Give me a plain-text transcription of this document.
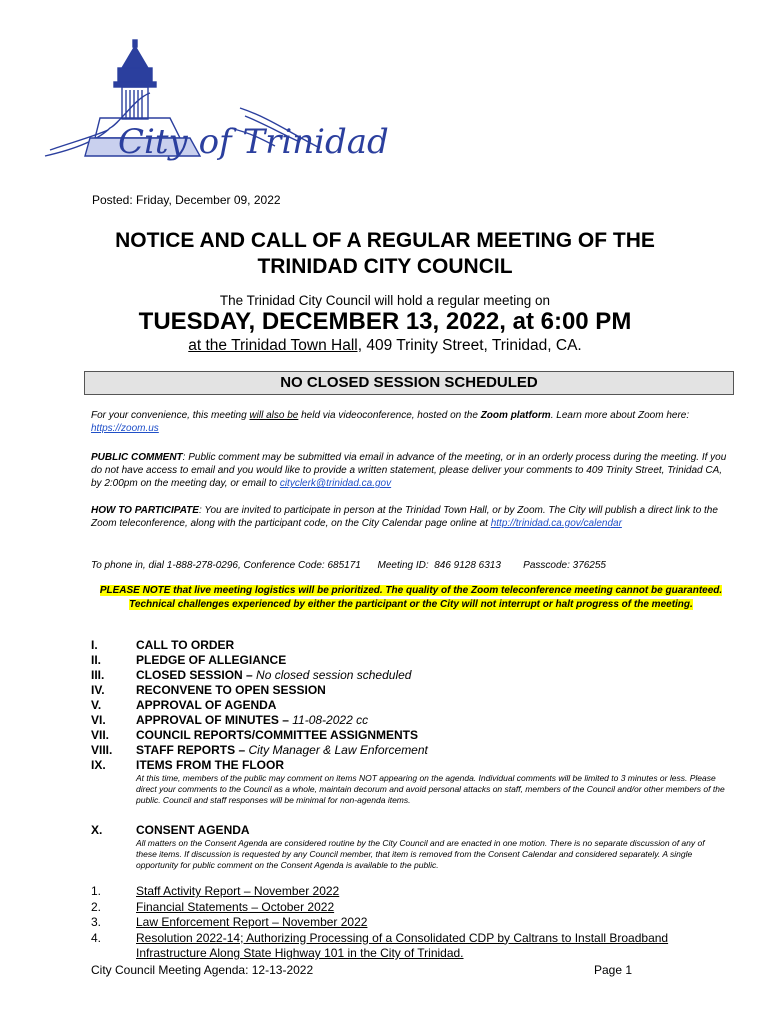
City of Trinidad
Posted: Friday, December 09, 2022
NOTICE AND CALL OF A REGULAR MEETING OF THE
TRINIDAD CITY COUNCIL
The Trinidad City Council will hold a regular meeting on
TUESDAY, DECEMBER 13, 2022, at 6:00 PM
at the Trinidad Town Hall, 409 Trinity Street, Trinidad, CA.
NO CLOSED SESSION SCHEDULED
For your convenience, this meeting will also be held via videoconference, hosted on the Zoom platform. Learn more about Zoom here: https://zoom.us
PUBLIC COMMENT: Public comment may be submitted via email in advance of the meeting, or in an orderly process during the meeting. If you do not have access to email and you would like to provide a written statement, please deliver your comments to 409 Trinity Street, Trinidad CA, by 2:00pm on the meeting day, or email to cityclerk@trinidad.ca.gov
HOW TO PARTICIPATE: You are invited to participate in person at the Trinidad Town Hall, or by Zoom. The City will publish a direct link to the Zoom teleconference, along with the participant code, on the City Calendar page online at http://trinidad.ca.gov/calendar
To phone in, dial 1-888-278-0296, Conference Code: 685171      Meeting ID:  846 9128 6313        Passcode: 376255
PLEASE NOTE that live meeting logistics will be prioritized. The quality of the Zoom teleconference meeting cannot be guaranteed. Technical challenges experienced by either the participant or the City will not interrupt or halt progress of the meeting.
I.	CALL TO ORDER
II.	PLEDGE OF ALLEGIANCE
III.	CLOSED SESSION – No closed session scheduled
IV.	RECONVENE TO OPEN SESSION
V.	APPROVAL OF AGENDA
VI.	APPROVAL OF MINUTES – 11-08-2022 cc
VII.	COUNCIL REPORTS/COMMITTEE ASSIGNMENTS
VIII.	STAFF REPORTS – City Manager & Law Enforcement
IX.	ITEMS FROM THE FLOOR
At this time, members of the public may comment on items NOT appearing on the agenda. Individual comments will be limited to 3 minutes or less. Please direct your comments to the Council as a whole, maintain decorum and avoid personal attacks on staff, members of the Council and/or other members of the public. Council and staff responses will be minimal for non-agenda items.
X.	CONSENT AGENDA
All matters on the Consent Agenda are considered routine by the City Council and are enacted in one motion. There is no separate discussion of any of these items. If discussion is requested by any Council member, that item is removed from the Consent Calendar and considered separately. A single opportunity for public comment on the Consent Agenda is available to the public.
1.	Staff Activity Report – November 2022
2.	Financial Statements – October 2022
3.	Law Enforcement Report – November 2022
4.	Resolution 2022-14; Authorizing Processing of a Consolidated CDP by Caltrans to Install Broadband Infrastructure Along State Highway 101 in the City of Trinidad.
City Council Meeting Agenda: 12-13-2022	Page 1
